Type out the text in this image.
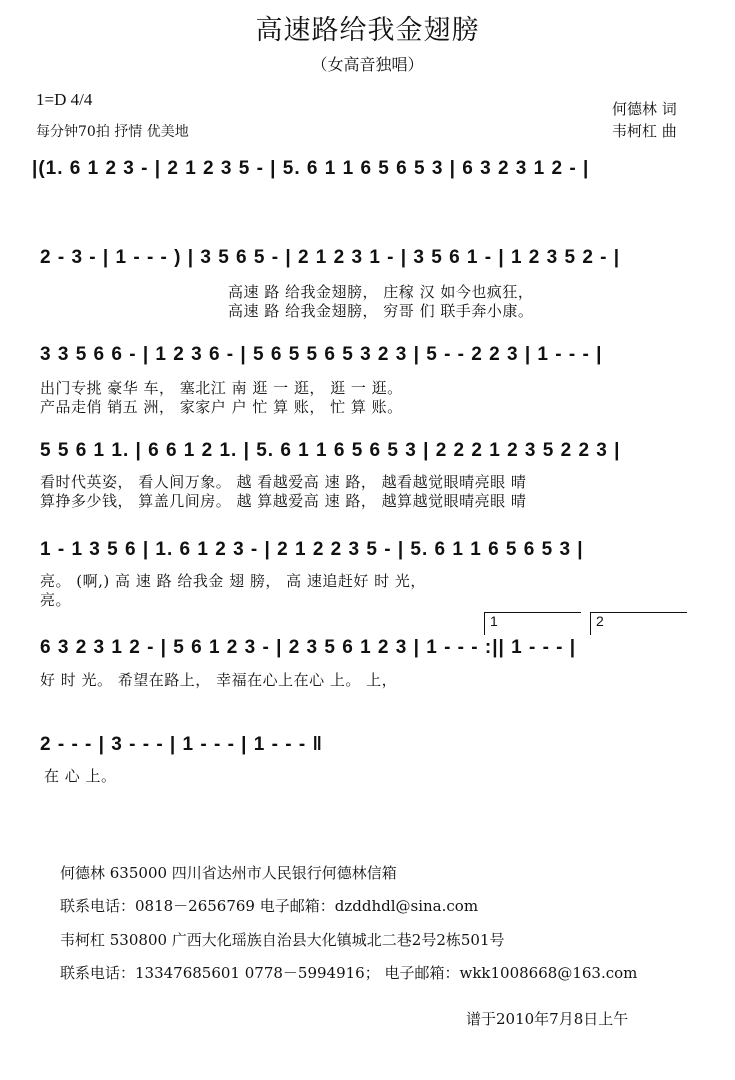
高速路给我金翅膀
（女高音独唱）
1=D 4/4
每分钟70拍 抒情 优美地
何德林 词
韦柯杠 曲
|(1. 6 1 2 3 - | 2 1 2 3 5 - | 5. 6 1 1 6 5 6 5 3 | 6 3 2 3 1 2 - |
2 - 3 - | 1 - - - ) | 3 5 6 5 - | 2 1 2 3 1 - | 3 5 6 1 - | 1 2 3 5 2 - |
高速 路 给我金翅膀， 庄稼 汉 如今也疯狂，
高速 路 给我金翅膀， 穷哥 们 联手奔小康。
3 3 5 6 6 - | 1 2 3 6 - | 5 6 5 5 6 5 3 2 3 | 5 - - 2 2 3 | 1 - - - |
出门专挑 豪华 车， 塞北江 南 逛 一 逛， 逛 一 逛。
产品走俏 销五 洲， 家家户 户 忙 算 账， 忙 算 账。
5 5 6 1 1. | 6 6 1 2 1. | 5. 6 1 1 6 5 6 5 3 | 2 2 2 1 2 3 5 2 2 3 |
看时代英姿， 看人间万象。 越 看越爱高 速 路， 越看越觉眼晴亮眼 晴
算挣多少钱， 算盖几间房。 越 算越爱高 速 路， 越算越觉眼晴亮眼 晴
1 - 1 3 5 6 | 1. 6 1 2 3 - | 2 1 2 2 3 5 - | 5. 6 1 1 6 5 6 5 3 |
亮。 (啊,) 高 速 路 给我金 翅 膀， 高 速追赶好 时 光，
亮。
1	2
6 3 2 3 1 2 - | 5 6 1 2 3 - | 2 3 5 6 1 2 3 | 1 - - - :|| 1 - - - |
好 时 光。 希望在路上， 幸福在心上在心 上。 上，
2 - - - | 3 - - - | 1 - - - | 1 - - - ‖
在 心 上。
何德林 635000 四川省达州市人民银行何德林信箱
联系电话：0818－2656769 电子邮箱：dzddhdl@sina.com
韦柯杠 530800 广西大化瑶族自治县大化镇城北二巷2号2栋501号
联系电话：13347685601 0778－5994916； 电子邮箱：wkk1008668@163.com
谱于2010年7月8日上午
